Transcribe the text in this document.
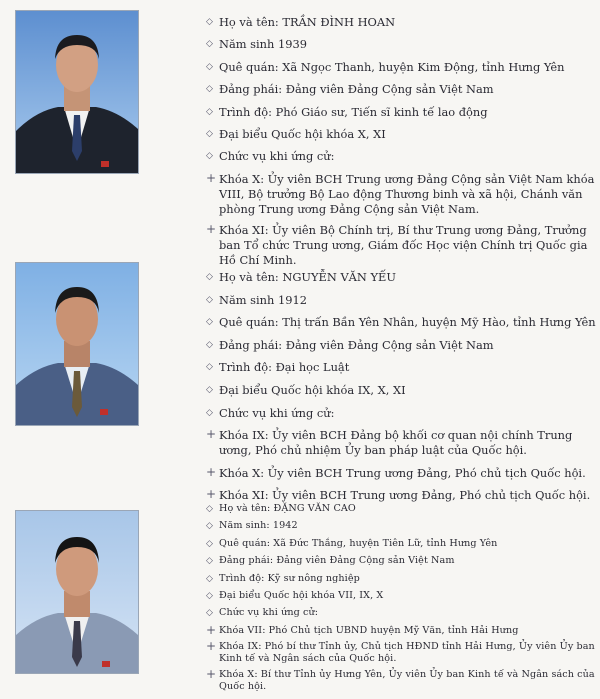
◇ Họ và tên: TRẦN ĐÌNH HOAN
◇ Năm sinh 1939
◇ Quê quán: Xã Ngọc Thanh, huyện Kim Động, tỉnh Hưng Yên
◇ Đảng phái: Đảng viên Đảng Cộng sản Việt Nam
◇ Trình độ: Phó Giáo sư, Tiến sĩ kinh tế lao động
◇ Đại biểu Quốc hội khóa X, XI
◇ Chức vụ khi ứng cử:
+ Khóa X: Ủy viên BCH Trung ương Đảng Cộng sản Việt Nam khóa VIII, Bộ trưởng Bộ Lao động Thương binh và xã hội, Chánh văn phòng Trung ương Đảng Cộng sản Việt Nam.
+ Khóa XI: Ủy viên Bộ Chính trị, Bí thư Trung ương Đảng, Trưởng ban Tổ chức Trung ương, Giám đốc Học viện Chính trị Quốc gia Hồ Chí Minh.
◇ Họ và tên: NGUYỄN VĂN YẾU
◇ Năm sinh 1912
◇ Quê quán: Thị trấn Bần Yên Nhân, huyện Mỹ Hào, tỉnh Hưng Yên
◇ Đảng phái: Đảng viên Đảng Cộng sản Việt Nam
◇ Trình độ: Đại học Luật
◇ Đại biểu Quốc hội khóa IX, X, XI
◇ Chức vụ khi ứng cử:
+ Khóa IX: Ủy viên BCH Đảng bộ khối cơ quan nội chính Trung ương, Phó chủ nhiệm Ủy ban pháp luật của Quốc hội.
+ Khóa X: Ủy viên BCH Trung ương Đảng, Phó chủ tịch Quốc hội.
+ Khóa XI: Ủy viên BCH Trung ương Đảng, Phó chủ tịch Quốc hội.
◇ Họ và tên: ĐẶNG VĂN CAO
◇ Năm sinh: 1942
◇ Quê quán: Xã Đức Thắng, huyện Tiên Lữ, tỉnh Hưng Yên
◇ Đảng phái: Đảng viên Đảng Cộng sản Việt Nam
◇ Trình độ: Kỹ sư nông nghiệp
◇ Đại biểu Quốc hội khóa VII, IX, X
◇ Chức vụ khi ứng cử:
+ Khóa VII: Phó Chủ tịch UBND huyện Mỹ Văn, tỉnh Hải Hưng
+ Khóa IX: Phó bí thư Tỉnh ủy, Chủ tịch HĐND tỉnh Hải Hưng, Ủy viên Ủy ban Kinh tế và Ngân sách của Quốc hội.
+ Khóa X: Bí thư Tỉnh ủy Hưng Yên, Ủy viên Ủy ban Kinh tế và Ngân sách của Quốc hội.
